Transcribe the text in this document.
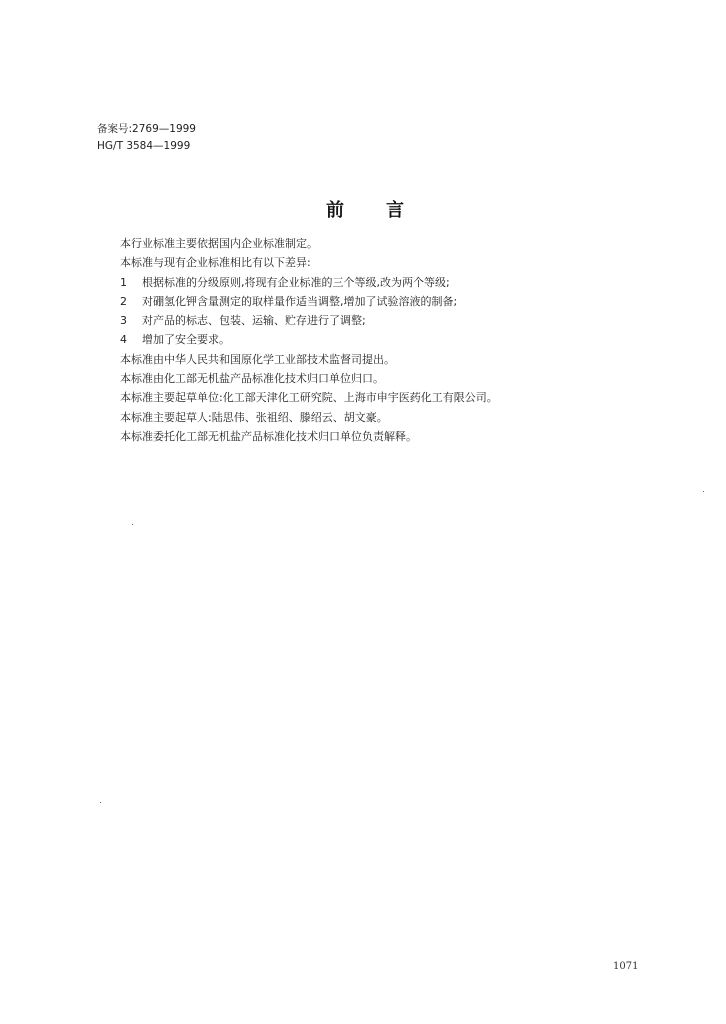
备案号:2769—1999
HG/T 3584—1999
前言

本行业标准主要依据国内企业标准制定。

本标准与现有企业标准相比有以下差异:

1	根据标准的分级原则,将现有企业标准的三个等级,改为两个等级;
2	对硼氢化钾含量测定的取样量作适当调整,增加了试验溶液的制备;
3	对产品的标志、包装、运输、贮存进行了调整;
4	增加了安全要求。

本标准由中华人民共和国原化学工业部技术监督司提出。

本标准由化工部无机盐产品标准化技术归口单位归口。

本标准主要起草单位:化工部天津化工研究院、上海市申宇医药化工有限公司。

本标准主要起草人:陆思伟、张祖绍、滕绍云、胡文豪。

本标准委托化工部无机盐产品标准化技术归口单位负责解释。

1071
